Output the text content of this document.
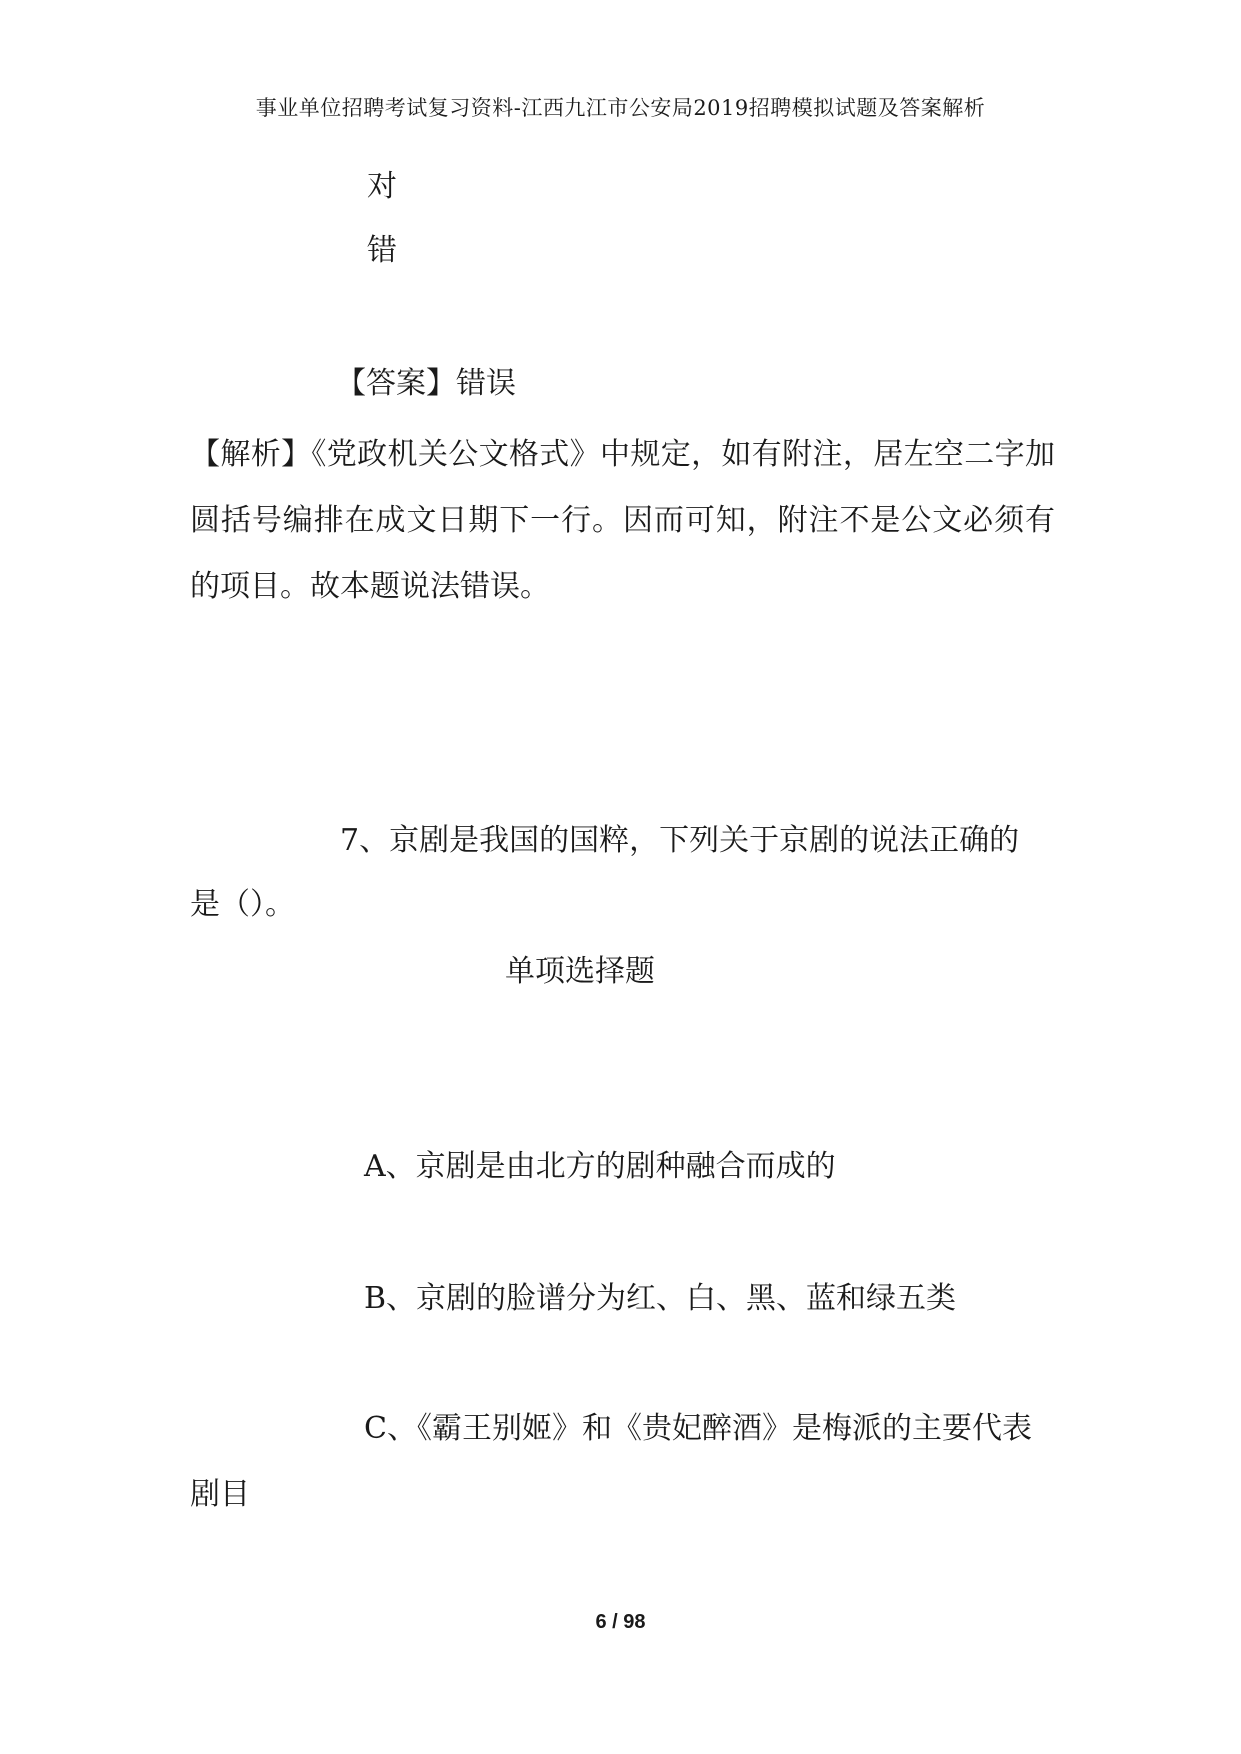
事业单位招聘考试复习资料-江西九江市公安局2019招聘模拟试题及答案解析
对
错
【答案】错误
【解析】《党政机关公文格式》中规定，如有附注，居左空二字加圆括号编排在成文日期下一行。因而可知，附注不是公文必须有的项目。故本题说法错误。
7、京剧是我国的国粹，下列关于京剧的说法正确的
是（）。
单项选择题
A、京剧是由北方的剧种融合而成的
B、京剧的脸谱分为红、白、黑、蓝和绿五类
C、《霸王别姬》和《贵妃醉酒》是梅派的主要代表
剧目
6 / 98
